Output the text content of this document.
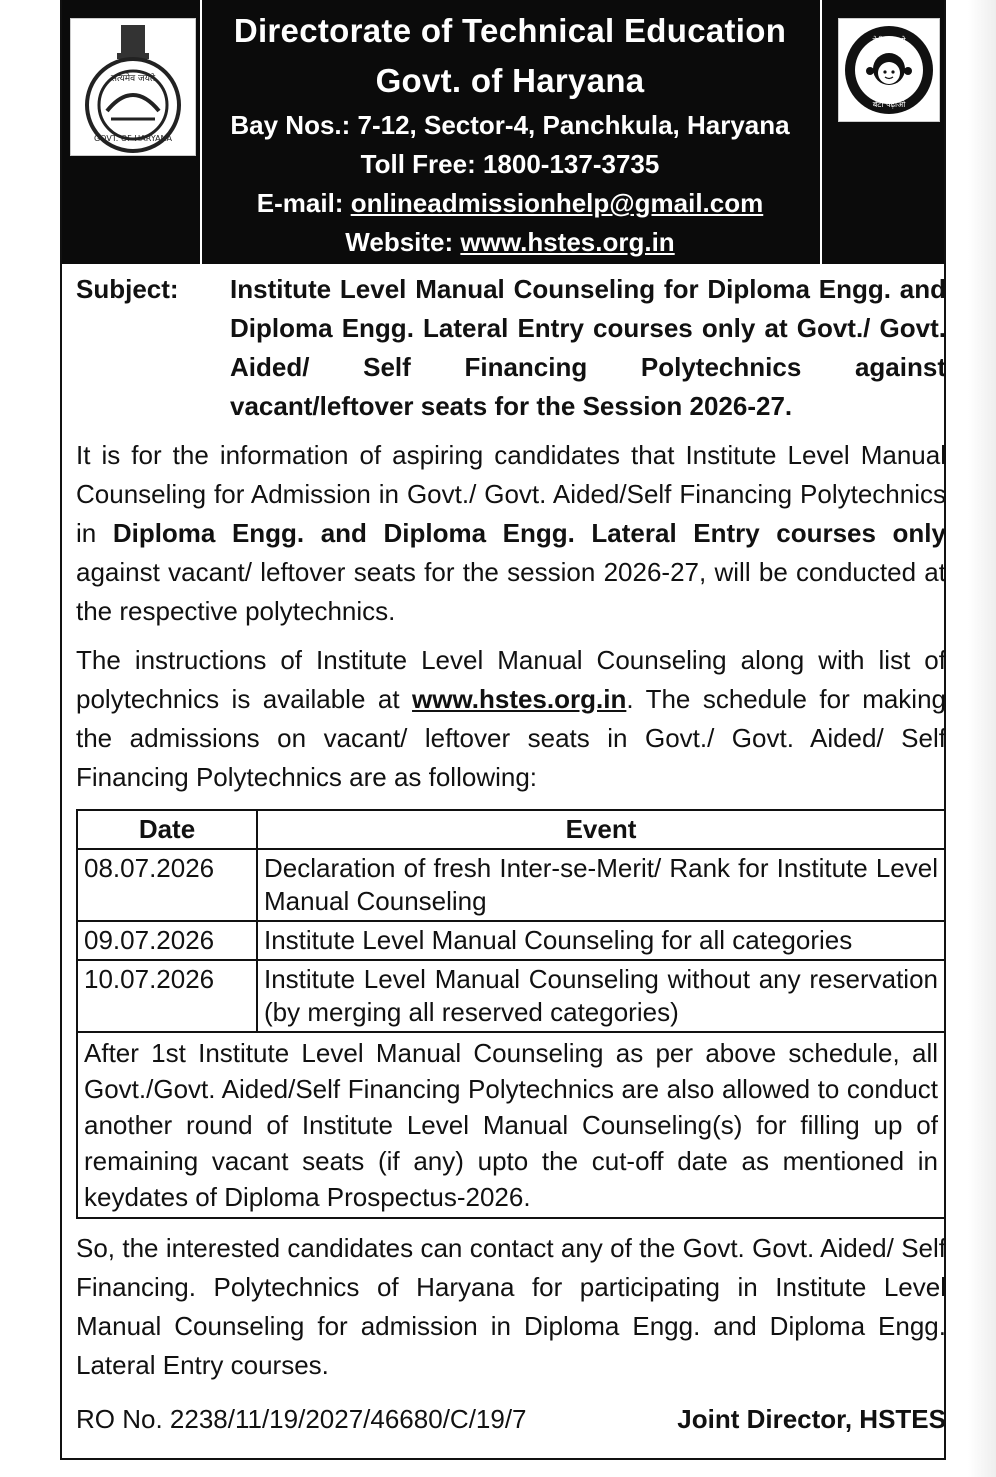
सत्यमेव जयते
GOVT. OF HARYANA
बेटी बचाओ
बेटी पढ़ाओ
Directorate of Technical Education
Govt. of Haryana
Bay Nos.: 7-12, Sector-4, Panchkula, Haryana
Toll Free: 1800-137-3735
E-mail: onlineadmissionhelp@gmail.com
Website: www.hstes.org.in
Subject:	Institute Level Manual Counseling for Diploma Engg. and Diploma Engg. Lateral Entry courses only at Govt./ Govt. Aided/ Self Financing Polytechnics against vacant/leftover seats for the Session 2026-27.

It is for the information of aspiring candidates that Institute Level Manual Counseling for Admission in Govt./ Govt. Aided/Self Financing Polytechnics in Diploma Engg. and Diploma Engg. Lateral Entry courses only against vacant/ leftover seats for the session 2026-27, will be conducted at the respective polytechnics.

The instructions of Institute Level Manual Counseling along with list of polytechnics is available at www.hstes.org.in. The schedule for making the admissions on vacant/ leftover seats in Govt./ Govt. Aided/ Self Financing Polytechnics are as following:

Date	Event
08.07.2026	Declaration of fresh Inter-se-Merit/ Rank for Institute Level Manual Counseling
09.07.2026	Institute Level Manual Counseling for all categories
10.07.2026	Institute Level Manual Counseling without any reservation (by merging all reserved categories)
After 1st Institute Level Manual Counseling as per above schedule, all Govt./Govt. Aided/Self Financing Polytechnics are also allowed to conduct another round of Institute Level Manual Counseling(s) for filling up of remaining vacant seats (if any) upto the cut-off date as mentioned in keydates of Diploma Prospectus-2026.	

So, the interested candidates can contact any of the Govt. Govt. Aided/ Self Financing. Polytechnics of Haryana for participating in Institute Level Manual Counseling for admission in Diploma Engg. and Diploma Engg. Lateral Entry courses.

RO No. 2238/11/19/2027/46680/C/19/7	Joint Director, HSTES
